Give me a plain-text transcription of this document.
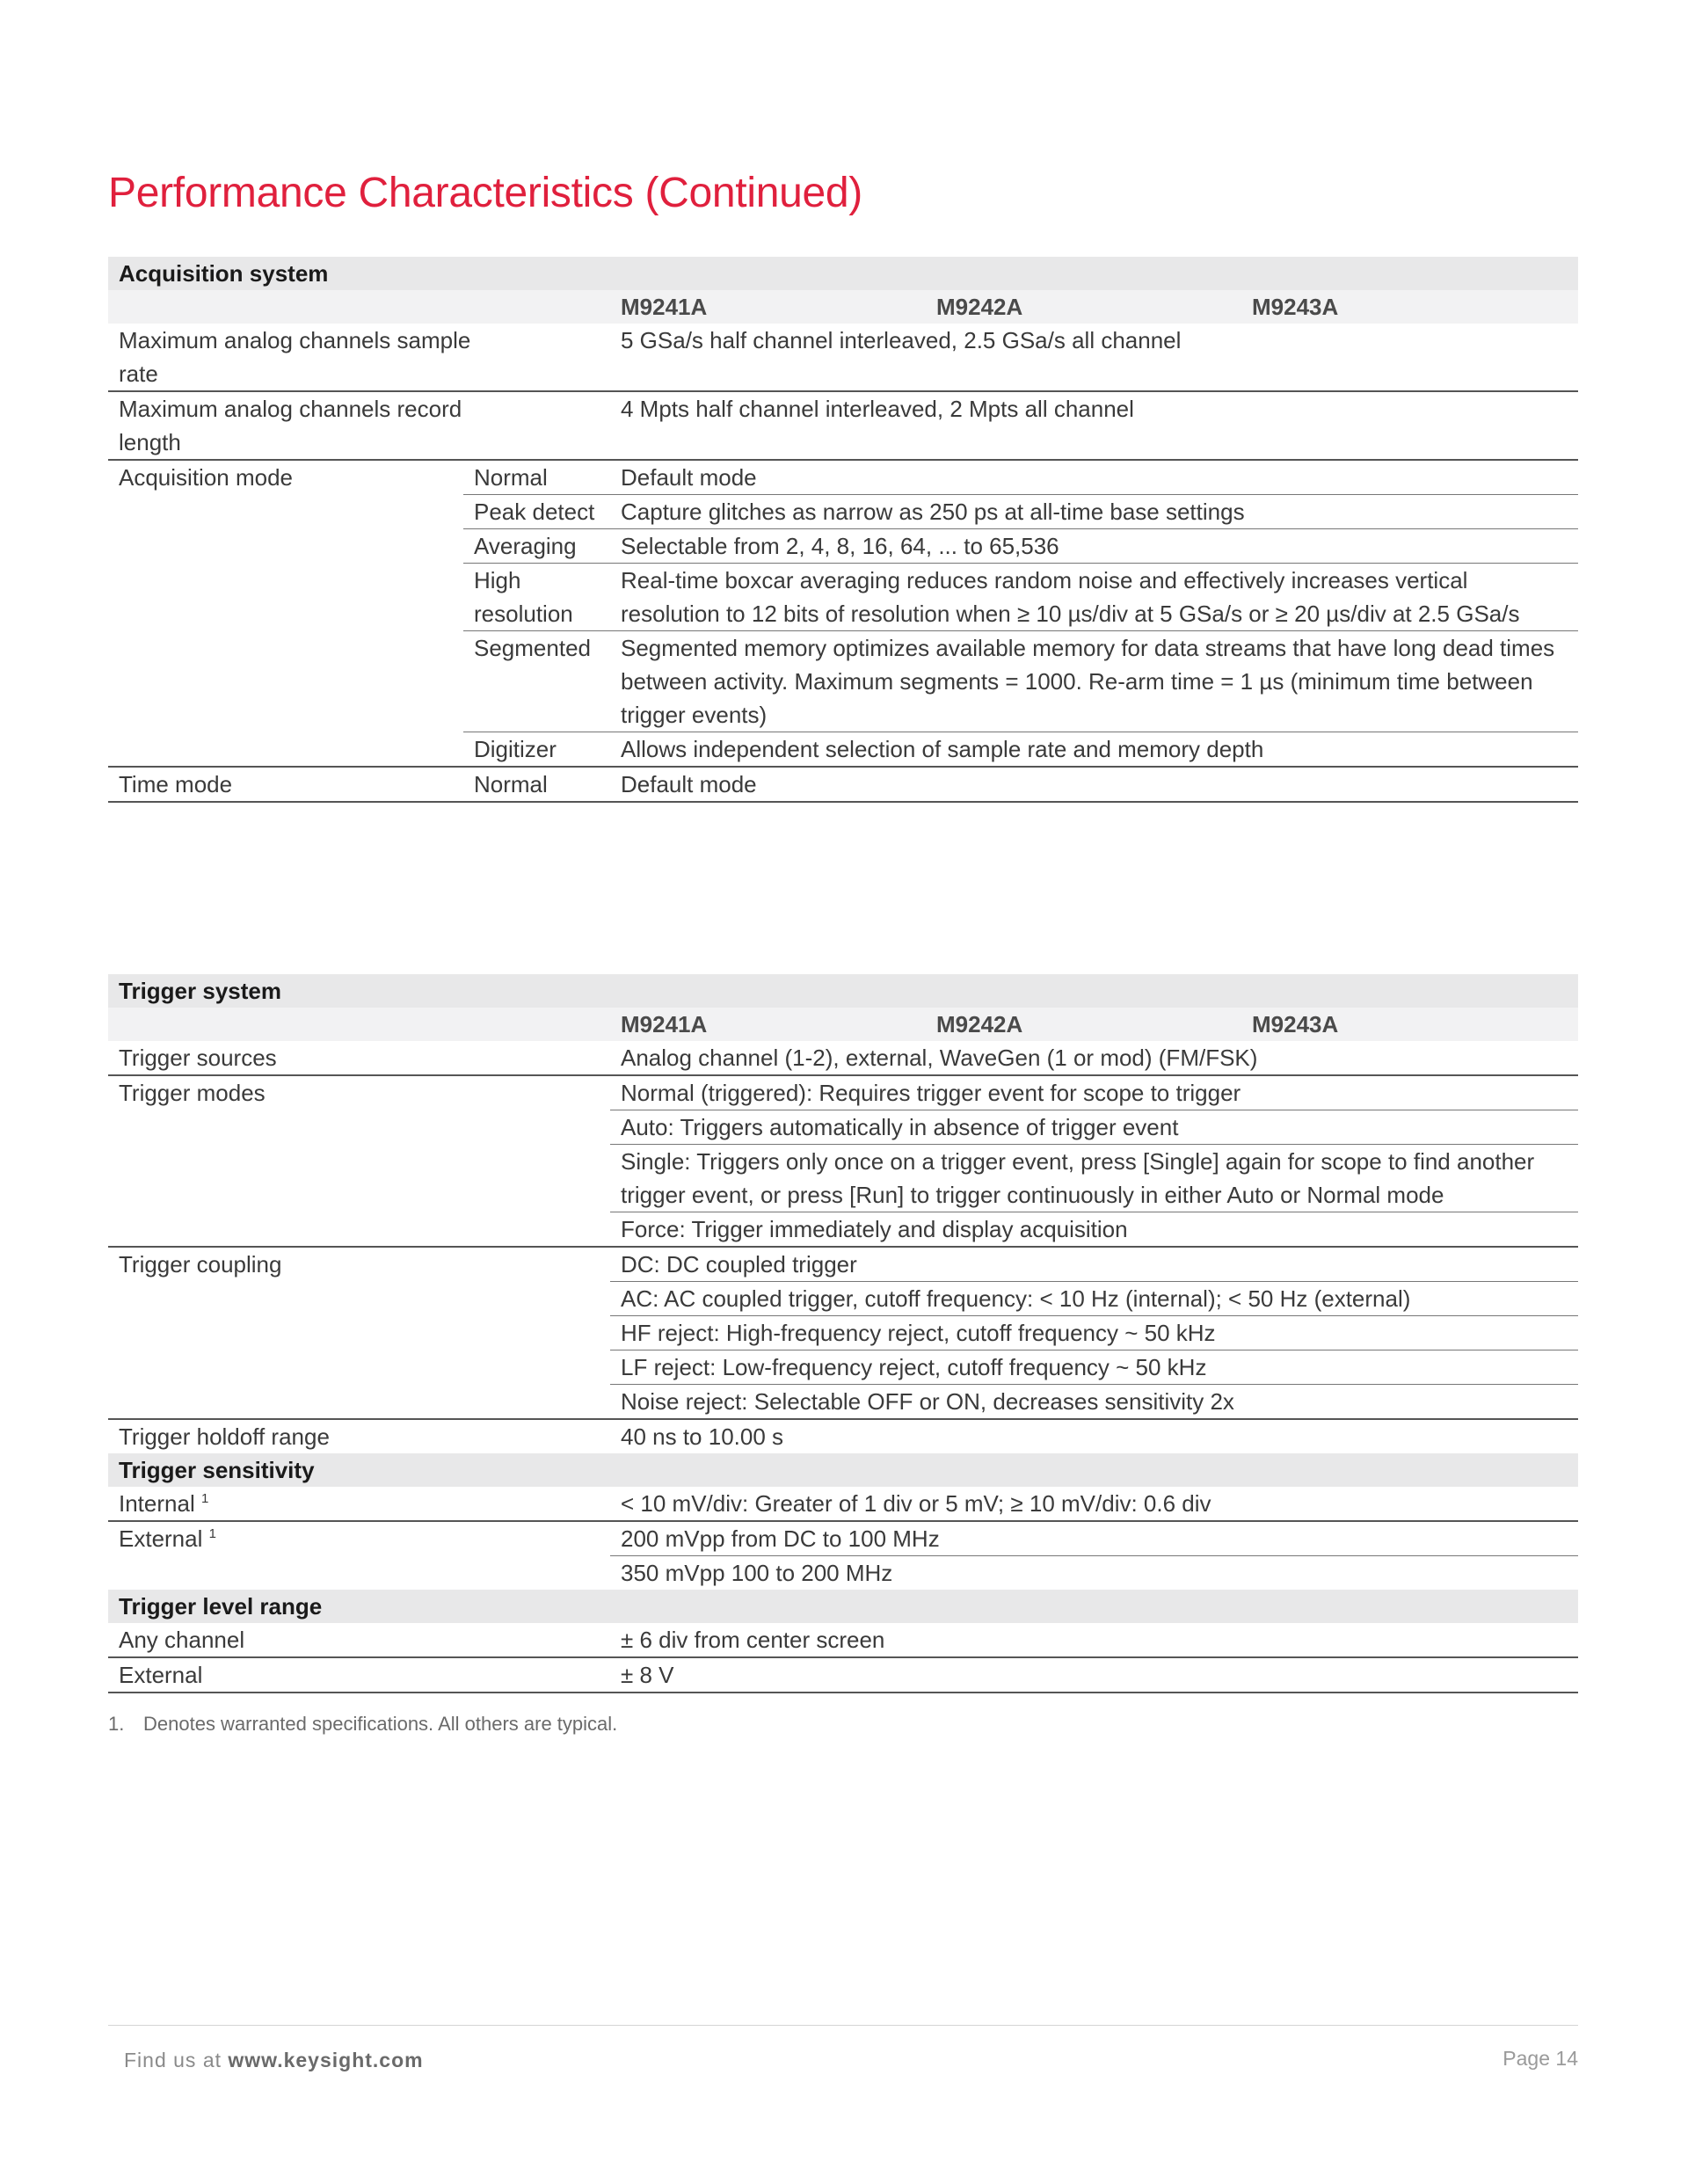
Performance Characteristics (Continued)
Acquisition system		

		M9241A M9242A M9243A

Maximum analog channels sample rate		5 GSa/s half channel interleaved, 2.5 GSa/s all channel
Maximum analog channels record length		4 Mpts half channel interleaved, 2 Mpts all channel
Acquisition mode	Normal	Default mode
	Peak detect	Capture glitches as narrow as 250 ps at all-time base settings
	Averaging	Selectable from 2, 4, 8, 16, 64, ... to 65,536
	High resolution	Real-time boxcar averaging reduces random noise and effectively increases vertical resolution to 12 bits of resolution when ≥ 10 µs/div at 5 GSa/s or ≥ 20 µs/div at 2.5 GSa/s
	Segmented	Segmented memory optimizes available memory for data streams that have long dead times between activity. Maximum segments = 1000. Re-arm time = 1 µs (minimum time between trigger events)
	Digitizer	Allows independent selection of sample rate and memory depth
Time mode	Normal	Default mode
Trigger system	

	M9241A M9242A M9243A

Trigger sources	Analog channel (1-2), external, WaveGen (1 or mod) (FM/FSK)
Trigger modes	Normal (triggered): Requires trigger event for scope to trigger
	Auto: Triggers automatically in absence of trigger event
	Single: Triggers only once on a trigger event, press [Single] again for scope to find another trigger event, or press [Run] to trigger continuously in either Auto or Normal mode
	Force: Trigger immediately and display acquisition
Trigger coupling	DC: DC coupled trigger
	AC: AC coupled trigger, cutoff frequency: < 10 Hz (internal); < 50 Hz (external)
	HF reject: High-frequency reject, cutoff frequency ~ 50 kHz
	LF reject: Low-frequency reject, cutoff frequency ~ 50 kHz
	Noise reject: Selectable OFF or ON, decreases sensitivity 2x
Trigger holdoff range	40 ns to 10.00 s
Trigger sensitivity	
Internal $^1$	< 10 mV/div: Greater of 1 div or 5 mV; ≥ 10 mV/div: 0.6 div
External $^1$	200 mVpp from DC to 100 MHz
	350 mVpp 100 to 200 MHz
Trigger level range	
Any channel	± 6 div from center screen
External	± 8 V
1. Denotes warranted specifications. All others are typical.
Find us at www.keysight.com	Page 14
